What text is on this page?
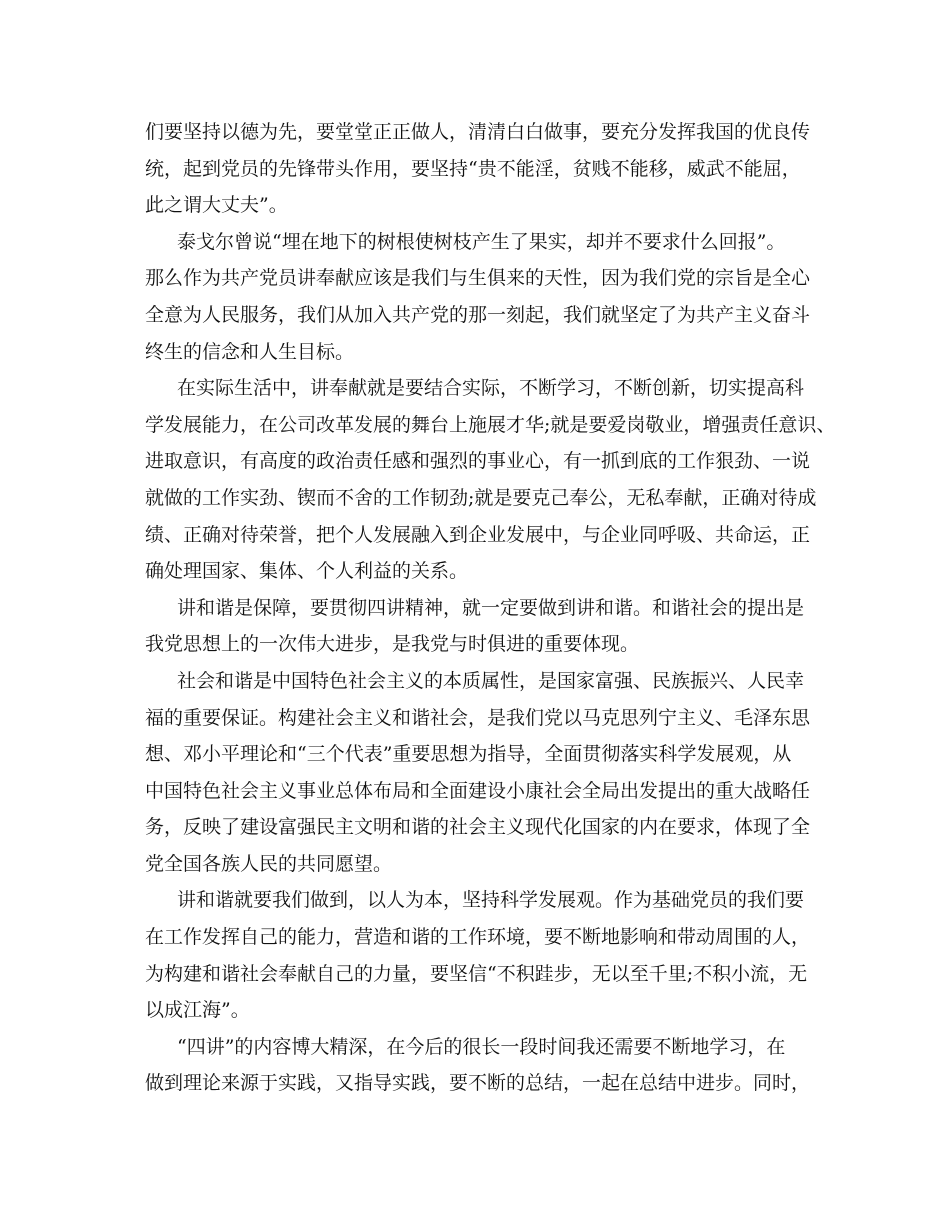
们要坚持以德为先，要堂堂正正做人，清清白白做事，要充分发挥我国的优良传
统，起到党员的先锋带头作用，要坚持“贵不能淫，贫贱不能移，威武不能屈，
此之谓大丈夫”。
泰戈尔曾说“埋在地下的树根使树枝产生了果实，却并不要求什么回报”。
那么作为共产党员讲奉献应该是我们与生俱来的天性，因为我们党的宗旨是全心
全意为人民服务，我们从加入共产党的那一刻起，我们就坚定了为共产主义奋斗
终生的信念和人生目标。
在实际生活中，讲奉献就是要结合实际，不断学习，不断创新，切实提高科
学发展能力，在公司改革发展的舞台上施展才华;就是要爱岗敬业，增强责任意识、
进取意识，有高度的政治责任感和强烈的事业心，有一抓到底的工作狠劲、一说
就做的工作实劲、锲而不舍的工作韧劲;就是要克己奉公，无私奉献，正确对待成
绩、正确对待荣誉，把个人发展融入到企业发展中，与企业同呼吸、共命运，正
确处理国家、集体、个人利益的关系。
讲和谐是保障，要贯彻四讲精神，就一定要做到讲和谐。和谐社会的提出是
我党思想上的一次伟大进步，是我党与时俱进的重要体现。
社会和谐是中国特色社会主义的本质属性，是国家富强、民族振兴、人民幸
福的重要保证。构建社会主义和谐社会，是我们党以马克思列宁主义、毛泽东思
想、邓小平理论和“三个代表”重要思想为指导，全面贯彻落实科学发展观，从
中国特色社会主义事业总体布局和全面建设小康社会全局出发提出的重大战略任
务，反映了建设富强民主文明和谐的社会主义现代化国家的内在要求，体现了全
党全国各族人民的共同愿望。
讲和谐就要我们做到，以人为本，坚持科学发展观。作为基础党员的我们要
在工作发挥自己的能力，营造和谐的工作环境，要不断地影响和带动周围的人，
为构建和谐社会奉献自己的力量，要坚信“不积跬步，无以至千里;不积小流，无
以成江海”。
“四讲”的内容博大精深，在今后的很长一段时间我还需要不断地学习，在
做到理论来源于实践，又指导实践，要不断的总结，一起在总结中进步。同时，
